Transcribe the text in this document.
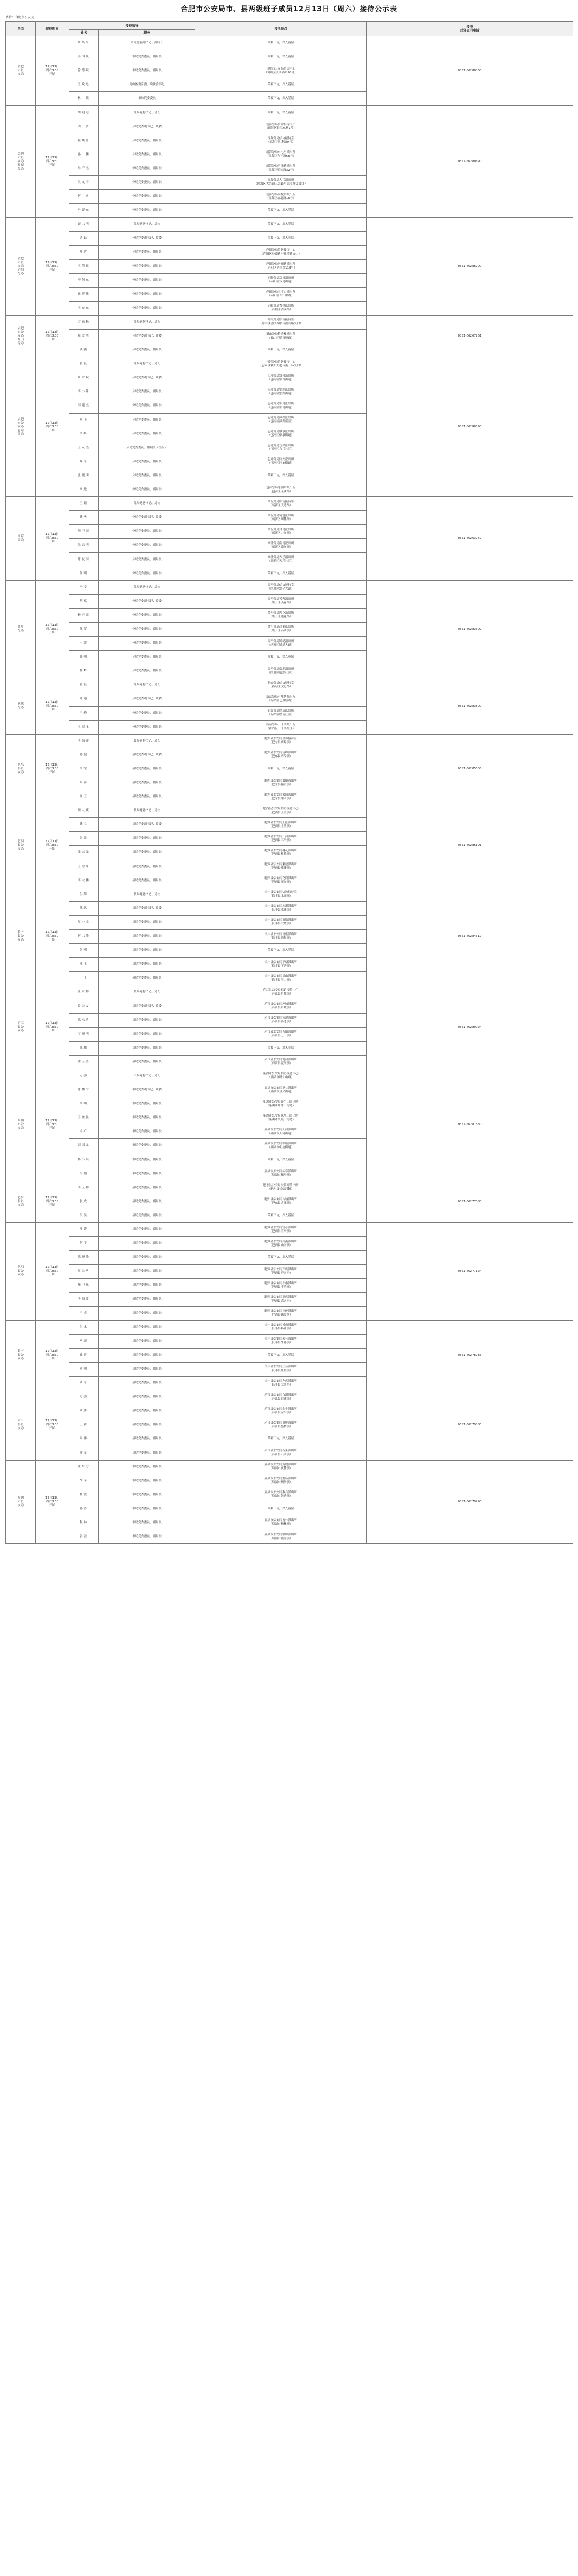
合肥市公安局市、县两级班子成员12月13日（周六）接待公示表
单位：合肥市公安局
单位	接待时间	接待领导		接待地点	接待
对外公示电话
		姓名	职务		
合肥
市公
安局	12月13日
周六8:30
开始	周某平	市局党委副书记、副局长	带案下访，深入基层	0551-66280360
		姜国庆	市局党委委员、副局长	带案下访，深入基层	
		徐德斌	市局党委委员、副局长	合肥市公安局信访中心
（蜀山区长江西路98号）	
		王致远	蜀山区委常委、政法委书记	带案下访，深入基层	
		林　纯	市局党委委员	带案下访，深入基层	
合肥
市公
安局
瑶海
分局	12月13日
周六8:30
开始	胡明远	分局党委书记、局长	带案下访，深入基层	0551-66280690
		刘　洁	分局党委副书记、政委	瑶海分局信访接待大厅
（瑶海区长江东路1号）	
		程其勇	分局党委委员、副局长	瑶海分局信访接待室
（瑶海区胜利路9号）	
		孙　鹏	分局党委委员、副局长	瑶海分局东七里派出所
（瑶海区和平路56号）	
		马子杰	分局党委委员、副局长	瑶海分局明光路派出所
（瑶海区明光路32号）	
		吴文宁	分局党委委员、副局长	瑶海分局大兴派出所
（瑶海区大兴镇三合路与郎溪路交叉口）	
		何　睿	分局党委委员、副局长	瑶海分局铜陵路派出所
（瑶海区站北路16号）	
		马智东	分局党委委员、副局长	带案下访，深入基层	
合肥
市公
安局
庐阳
分局	12月13日
周六8:30
开始	顾宗明	分局党委书记、局长	带案下访，深入基层	0551-66286700
		刘跃	分局党委副书记、政委	带案下访，深入基层	
		叶进	分局党委委员、副局长	庐阳分局信访接待中心
（庐阳区阜南路与濉溪路交口）	
		王苗斌	分局党委委员、副局长	庐阳分局亳州路派出所
（庐阳区亳州路118号）	
		李剑东	分局党委委员、副局长	庐阳分局双岗派出所
（庐阳区双岗街道）	
		孙建伟	分局党委委员、副局长	庐阳分局三孝口派出所
（庐阳区长江中路）	
		王安东	分局党委委员、副局长	庐阳分局杏林派出所
（庐阳区清溪路）	
合肥
市公
安局
蜀山
分局	12月13日
周六8:30
开始	方家松	分局党委书记、局长	蜀山分局信访接待室
（蜀山区望江西路与潜山路交口）	0551-66267261
		程文胜	分局党委副书记、政委	蜀山分局稻香楼派出所
（蜀山区稻香楼路）	
		武鑫	分局党委委员、副局长	带案下访，深入基层	
合肥
市公
安局
包河
分局	12月13日
周六8:30
开始	张磊	分局党委书记、局长	包河分局信访接待中心
（包河区徽州大道与南一环交口）	0551-66280890
		周荣斌	分局党委副书记、政委	包河分局常青派出所
（包河区常青街道）	
		李小锋	分局党委委员、副局长	包河分局望湖派出所
（包河区望湖街道）	
		刘建杰	分局党委委员、副局长	包河分局骆岗派出所
（包河区骆岗街道）	
		陶飞	分局党委委员、副局长	包河分局滨湖派出所
（包河区滨湖新区）	
		李峰	分局党委委员、副局长	包河分局烟墩派出所
（包河区烟墩街道）	
		王入杰	分局党委委员、副局长（挂职）	包河分局方兴派出所
（包河区方兴社区）	
		郑东	分局党委委员、副局长	包河分局同安派出所
（包河区同安街道）	
		张晓明	分局党委委员、副局长	带案下访，深入基层	
		高进	分局党委委员、副局长	包河分局芜湖路派出所
（包河区芜湖路）	
高新
分局	12月13日
周六8:30
开始	王颖	分局党委书记、局长	高新分局信访接待室
（高新区天达路）	0551-66263947
		徐勇	分局党委副书记、政委	高新分局蜀麓派出所
（高新区蜀麓路）	
		陶卫国	分局党委委员、副局长	高新分局井岗派出所
（高新区井岗镇）	
		朱启明	分局党委委员、副局长	高新分局南岗派出所
（高新区南岗镇）	
		陈友国	分局党委委员、副局长	高新分局天乐派出所
（高新区天乐社区）	
		何明	分局党委委员、副局长	带案下访，深入基层	
经开
分局	12月13日
周六8:30
开始	李安	分局党委书记、局长	经开分局信访接待室
（经开区繁华大道）	0551-66283607
		胡斌	分局党委副书记、政委	经开分局芙蓉派出所
（经开区芙蓉路）	
		杨正高	分局党委委员、副局长	经开分局莲花派出所
（经开区莲花路）	
		陈军	分局党委委员、副局长	经开分局高刘派出所
（经开区高刘镇）	
		王波	分局党委委员、副局长	经开分局锦绣派出所
（经开区锦绣大道）	
		孙明	分局党委委员、副局长	带案下访，深入基层	
		杜岭	分局党委委员、副局长	经开分局临湖派出所
（经开区临湖社区）	
新站
分局	12月13日
周六8:30
开始	蒋磊	分局党委书记、局长	新站分局信访接待室
（新站区文忠路）	0551-66283800
		许超	分局党委副书记、政委	新站分局七里塘派出所
（新站区七里塘路）	
		王峰	分局党委委员、副局长	新站分局磨店派出所
（新站区磨店社区）	
		王宏飞	分局党委委员、副局长	新站分局三十头派出所
（新站区三十头社区）	
肥东
县公
安局	12月13日
周六8:30
开始	李海洋	县局党委书记、局长	肥东县公安局信访接待室
（肥东县店埠镇）	0551-66285508
		孙健	县局党委副书记、政委	肥东县公安局店埠派出所
（肥东县店埠镇）	
		李宏	县局党委委员、副局长	带案下访，深入基层	
		朱海	县局党委委员、副局长	肥东县公安局撮镇派出所
（肥东县撮镇镇）	
		许卫	县局党委委员、副局长	肥东县公安局梁园派出所
（肥东县梁园镇）	
肥西
县公
安局	12月13日
周六8:30
开始	陶大庆	县局党委书记、局长	肥西县公安局信访接待中心
（肥西县上派镇）	0551-66286101
		徐立	县局党委副书记、政委	肥西县公安局上派派出所
（肥西县上派镇）	
		张波	县局党委委员、副局长	肥西县公安局三河派出所
（肥西县三河镇）	
		张志强	县局党委委员、副局长	肥西县公安局桃花派出所
（肥西县桃花镇）	
		王雪峰	县局党委委员、副局长	肥西县公安局紫蓬派出所
（肥西县紫蓬镇）	
		李大鹏	县局党委委员、副局长	肥西县公安局花岗派出所
（肥西县花岗镇）	
长丰
县公
安局	12月13日
周六8:30
开始	彭辉	县局党委书记、局长	长丰县公安局信访接待室
（长丰县水湖镇）	0551-66284619
		陈思	县局党委副书记、政委	长丰县公安局水湖派出所
（长丰县水湖镇）	
		周小金	县局党委委员、副局长	长丰县公安局双墩派出所
（长丰县双墩镇）	
		何宗峰	县局党委委员、副局长	长丰县公安局岗集派出所
（长丰县岗集镇）	
		刘明	县局党委委员、副局长	带案下访，深入基层	
		汪飞	县局党委委员、副局长	长丰县公安局下塘派出所
（长丰县下塘镇）	
		王丁	县局党委委员、副局长	长丰县公安局吴山派出所
（长丰县吴山镇）	
庐江
县公
安局	12月13日
周六8:30
开始	汪家林	县局党委书记、局长	庐江县公安局信访接待中心
（庐江县庐城镇）	0551-66289024
		常金友	县局党委副书记、政委	庐江县公安局庐城派出所
（庐江县庐城镇）	
		陈永兵	县局党委委员、副局长	庐江县公安局汤池派出所
（庐江县汤池镇）	
		丁晓明	县局党委委员、副局长	庐江县公安局万山派出所
（庐江县万山镇）	
		陈鹏	县局党委委员、副局长	带案下访，深入基层	
		潘玉涛	县局党委委员、副局长	庐江县公安局泥河派出所
（庐江县泥河镇）	
巢湖
市公
安局	12月13日
周六8:30
开始	万强	市局党委书记、局长	巢湖市公安局信访接待中心
（巢湖市卧牛山路）	0551-66287680
		陈林宁	市局党委副书记、政委	巢湖市公安局亚父派出所
（巢湖市亚父街道）	
		高明	市局党委委员、副局长	巢湖市公安局卧牛山派出所
（巢湖市卧牛山街道）	
		王金强	市局党委委员、副局长	巢湖市公安局凤凰山派出所
（巢湖市凤凰山街道）	
		俞广	市局党委委员、副局长	巢湖市公安局天河派出所
（巢湖市天河街道）	
		刘国龙	市局党委委员、副局长	巢湖市公安局中庙派出所
（巢湖市中庙街道）	
		杨小兵	市局党委委员、副局长	带案下访，深入基层	
		冯刚	市局党委委员、副局长	巢湖市公安局柘皋派出所
（巢湖市柘皋镇）	
肥东
县公
安局	12月13日
周六8:30
开始	李玉林	县局党委委员、副局长	肥东县公安局长临河派出所
（肥东县长临河镇）	0551-66277080
		张成	县局党委委员、副局长	肥东县公安局古城派出所
（肥东县古城镇）	
		吴昊	县局党委委员、副局长	带案下访，深入基层	
肥西
县公
安局	12月13日
周六8:30
开始	汪涛	县局党委委员、副局长	肥西县公安局官亭派出所
（肥西县官亭镇）	0551-66277124
		何平	县局党委委员、副局长	肥西县公安局山南派出所
（肥西县山南镇）	
		陈晓峰	县局党委委员、副局长	带案下访，深入基层	
		周金勇	县局党委委员、副局长	肥西县公安局严店派出所
（肥西县严店乡）	
		施卫东	县局党委委员、副局长	肥西县公安局丰乐派出所
（肥西县丰乐镇）	
		李海波	县局党委委员、副局长	肥西县公安局高店派出所
（肥西县高店乡）	
		王杰	县局党委委员、副局长	肥西县公安局铭传派出所
（肥西县铭传乡）	
长丰
县公
安局	12月13日
周六8:30
开始	朱永	县局党委委员、副局长	长丰县公安局杨庙派出所
（长丰县杨庙镇）	0551-66278936
		马超	县局党委委员、副局长	长丰县公安局朱巷派出所
（长丰县朱巷镇）	
		孔祥	县局党委委员、副局长	带案下访，深入基层	
		董明	县局党委委员、副局长	长丰县公安局庄墓派出所
（长丰县庄墓镇）	
		刘东	县局党委委员、副局长	长丰县公安局左店派出所
（长丰县左店乡）	
庐江
县公
安局	12月13日
周六8:30
开始	方强	县局党委委员、副局长	庐江县公安局白湖派出所
（庐江县白湖镇）	0551-66279883
		刘勇	县局党委委员、副局长	庐江县公安局金牛派出所
（庐江县金牛镇）	
		王新	县局党委委员、副局长	庐江县公安局盛桥派出所
（庐江县盛桥镇）	
		周伟	县局党委委员、副局长	带案下访，深入基层	
		陆军	县局党委委员、副局长	庐江县公安局石头派出所
（庐江县石头镇）	
巢湖
市公
安局	12月13日
周六8:30
开始	许东方	市局党委委员、副局长	巢湖市公安局黄麓派出所
（巢湖市黄麓镇）	0551-66279990
		胡军	市局党委委员、副局长	巢湖市公安局烔炀派出所
（巢湖市烔炀镇）	
		杨波	市局党委委员、副局长	巢湖市公安局散兵派出所
（巢湖市散兵镇）	
		孙涛	市局党委委员、副局长	带案下访，深入基层	
		程林	市局党委委员、副局长	巢湖市公安局槐林派出所
（巢湖市槐林镇）	
		张磊	市局党委委员、副局长	巢湖市公安局银屏派出所
（巢湖市银屏镇）	
